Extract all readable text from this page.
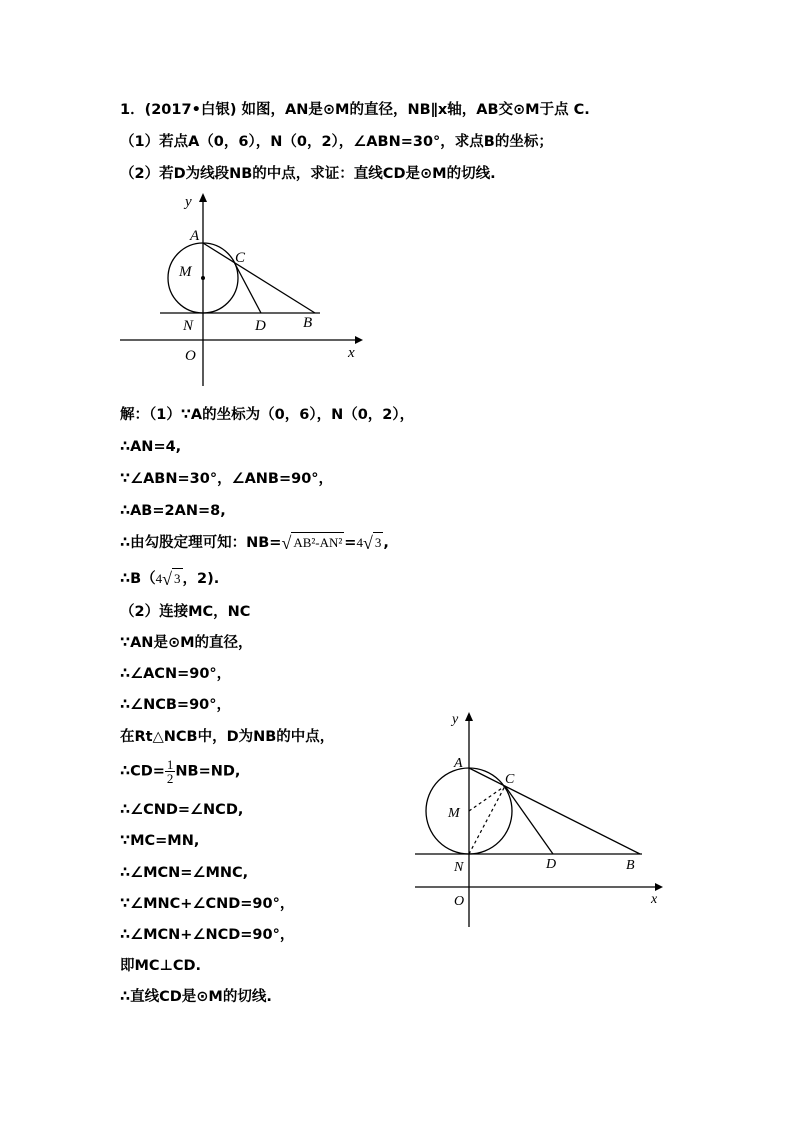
1．(2017•白银) 如图，AN是⊙M的直径，NB∥x轴，AB交⊙M于点 C.
（1）若点A（0，6），N（0，2），∠ABN=30°，求点B的坐标；
（2）若D为线段NB的中点，求证：直线CD是⊙M的切线.
y
A
C
M
N	D B
O	x
解：（1）∵A的坐标为（0，6），N（0，2），
∴AN=4,
∵∠ABN=30°，∠ANB=90°，
∴AB=2AN=8,
∴由勾股定理可知：NB=√ AB²-AN² =4√ 3 ,
∴B（4√ 3 ，2).
（2）连接MC，NC
∵AN是⊙M的直径，
∴∠ACN=90°，
∴∠NCB=90°，
在Rt△NCB中，D为NB的中点，
∴CD= $\frac{1}{2} NB=ND$,
∴∠CND=∠NCD,
∵MC=MN,
∴∠MCN=∠MNC,
∵∠MNC+∠CND=90°，
∴∠MCN+∠NCD=90°，
即MC⊥CD.
∴直线CD是⊙M的切线.
y
A
C
M
N	D	B
O	x
